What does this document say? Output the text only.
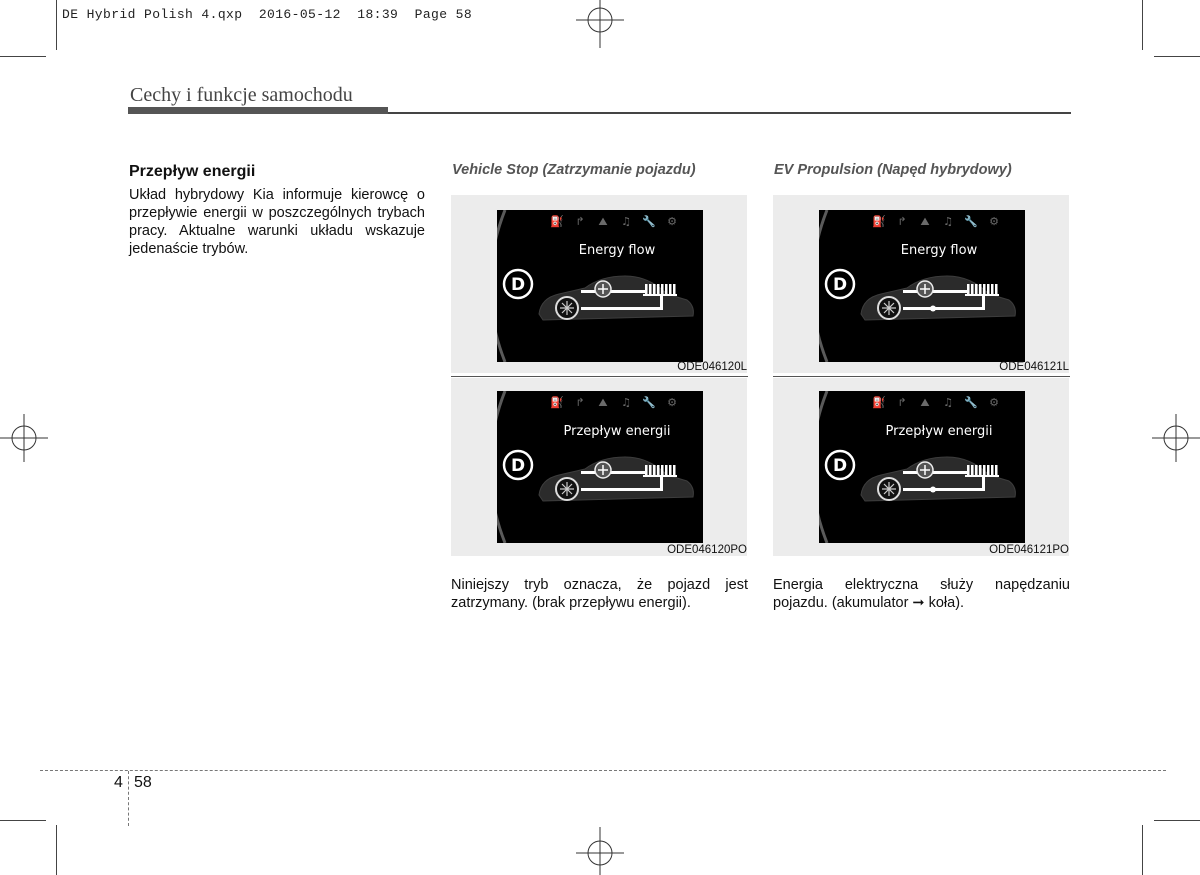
DE Hybrid Polish 4.qxp  2016-05-12  18:39  Page 58
Cechy i funkcje samochodu
Przepływ energii
Układ hybrydowy Kia informuje kierowcę o przepływie energii w poszczególnych trybach pracy. Aktualne warunki układu wskazuje jedenaście trybów.
Vehicle Stop (Zatrzymanie pojazdu)
⛽ ↱ ⛰ ♫ 🔧 ⚙
Energy flow
D
ODE046120L
⛽ ↱ ⛰ ♫ 🔧 ⚙
Przepływ energii
D
ODE046120PO
Niniejszy tryb oznacza, że pojazd jest zatrzymany. (brak przepływu energii).
EV Propulsion (Napęd hybrydowy)
⛽ ↱ ⛰ ♫ 🔧 ⚙
Energy flow
D
ODE046121L
⛽ ↱ ⛰ ♫ 🔧 ⚙
Przepływ energii
D
ODE046121PO
Energia elektryczna służy napędzaniu pojazdu. (akumulator ➞ koła).
4 58
